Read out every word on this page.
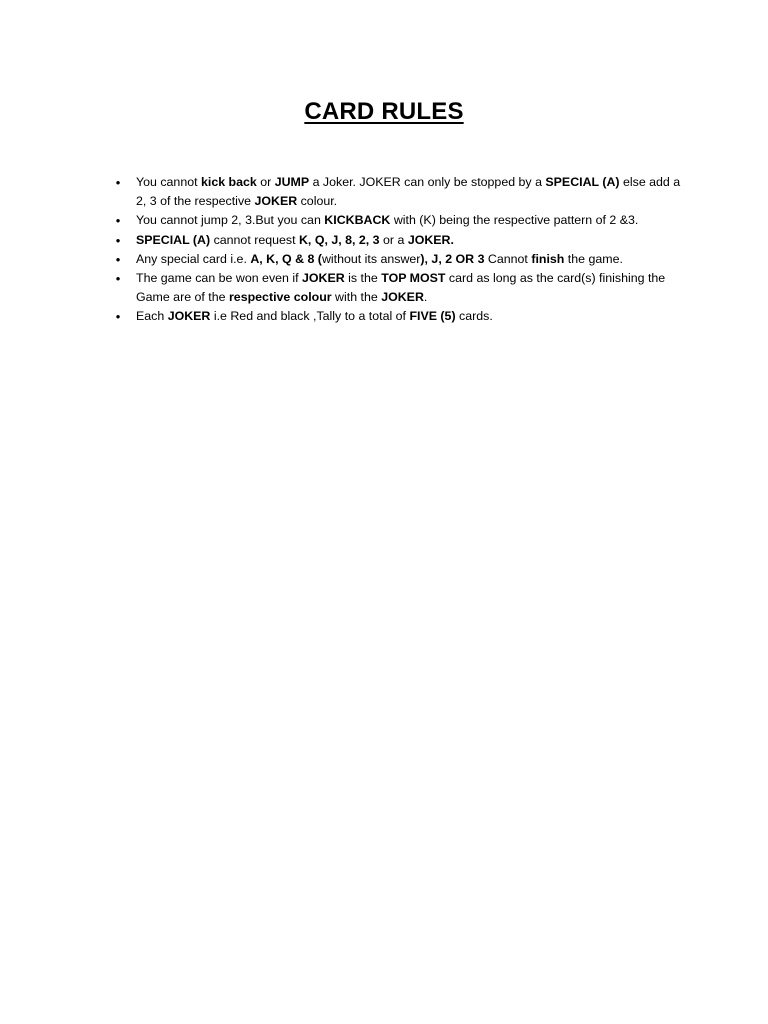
CARD RULES
• You cannot kick back or JUMP a Joker. JOKER can only be stopped by a SPECIAL (A) else add a 2, 3 of the respective JOKER colour.
• You cannot jump 2, 3.But you can KICKBACK with (K) being the respective pattern of 2 &3.
• SPECIAL (A) cannot request K, Q, J, 8, 2, 3 or a JOKER.
• Any special card i.e. A, K, Q & 8 (without its answer), J, 2 OR 3 Cannot finish the game.
• The game can be won even if JOKER is the TOP MOST card as long as the card(s) finishing the Game are of the respective colour with the JOKER.
• Each JOKER i.e Red and black ,Tally to a total of FIVE (5) cards.
